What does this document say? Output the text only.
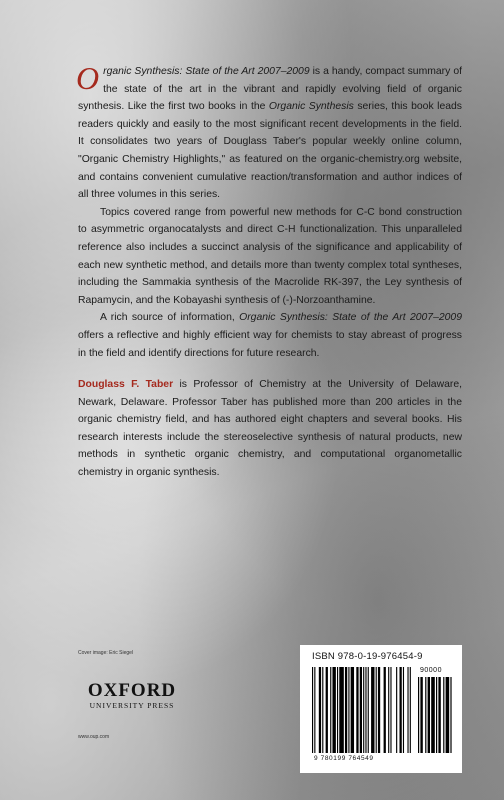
Organic Synthesis: State of the Art 2007–2009 is a handy, compact summary of the state of the art in the vibrant and rapidly evolving field of organic synthesis. Like the first two books in the Organic Synthesis series, this book leads readers quickly and easily to the most significant recent developments in the field. It consolidates two years of Douglass Taber's popular weekly online column, "Organic Chemistry Highlights," as featured on the organic-chemistry.org website, and contains convenient cumulative reaction/transformation and author indices of all three volumes in this series.

Topics covered range from powerful new methods for C-C bond construction to asymmetric organocatalysts and direct C-H functionalization. This unparalleled reference also includes a succinct analysis of the significance and applicability of each new synthetic method, and details more than twenty complex total syntheses, including the Sammakia synthesis of the Macrolide RK-397, the Ley synthesis of Rapamycin, and the Kobayashi synthesis of (-)-Norzoanthamine.

A rich source of information, Organic Synthesis: State of the Art 2007–2009 offers a reflective and highly efficient way for chemists to stay abreast of progress in the field and identify directions for future research.

Douglass F. Taber is Professor of Chemistry at the University of Delaware, Newark, Delaware. Professor Taber has published more than 200 articles in the organic chemistry field, and has authored eight chapters and several books. His research interests include the stereoselective synthesis of natural products, new methods in synthetic organic chemistry, and computational organometallic chemistry in organic synthesis.

Cover image: Eric Siegel
OXFORD
UNIVERSITY PRESS
www.oup.com
ISBN 978-0-19-976454-9
90000
9 780199 764549
